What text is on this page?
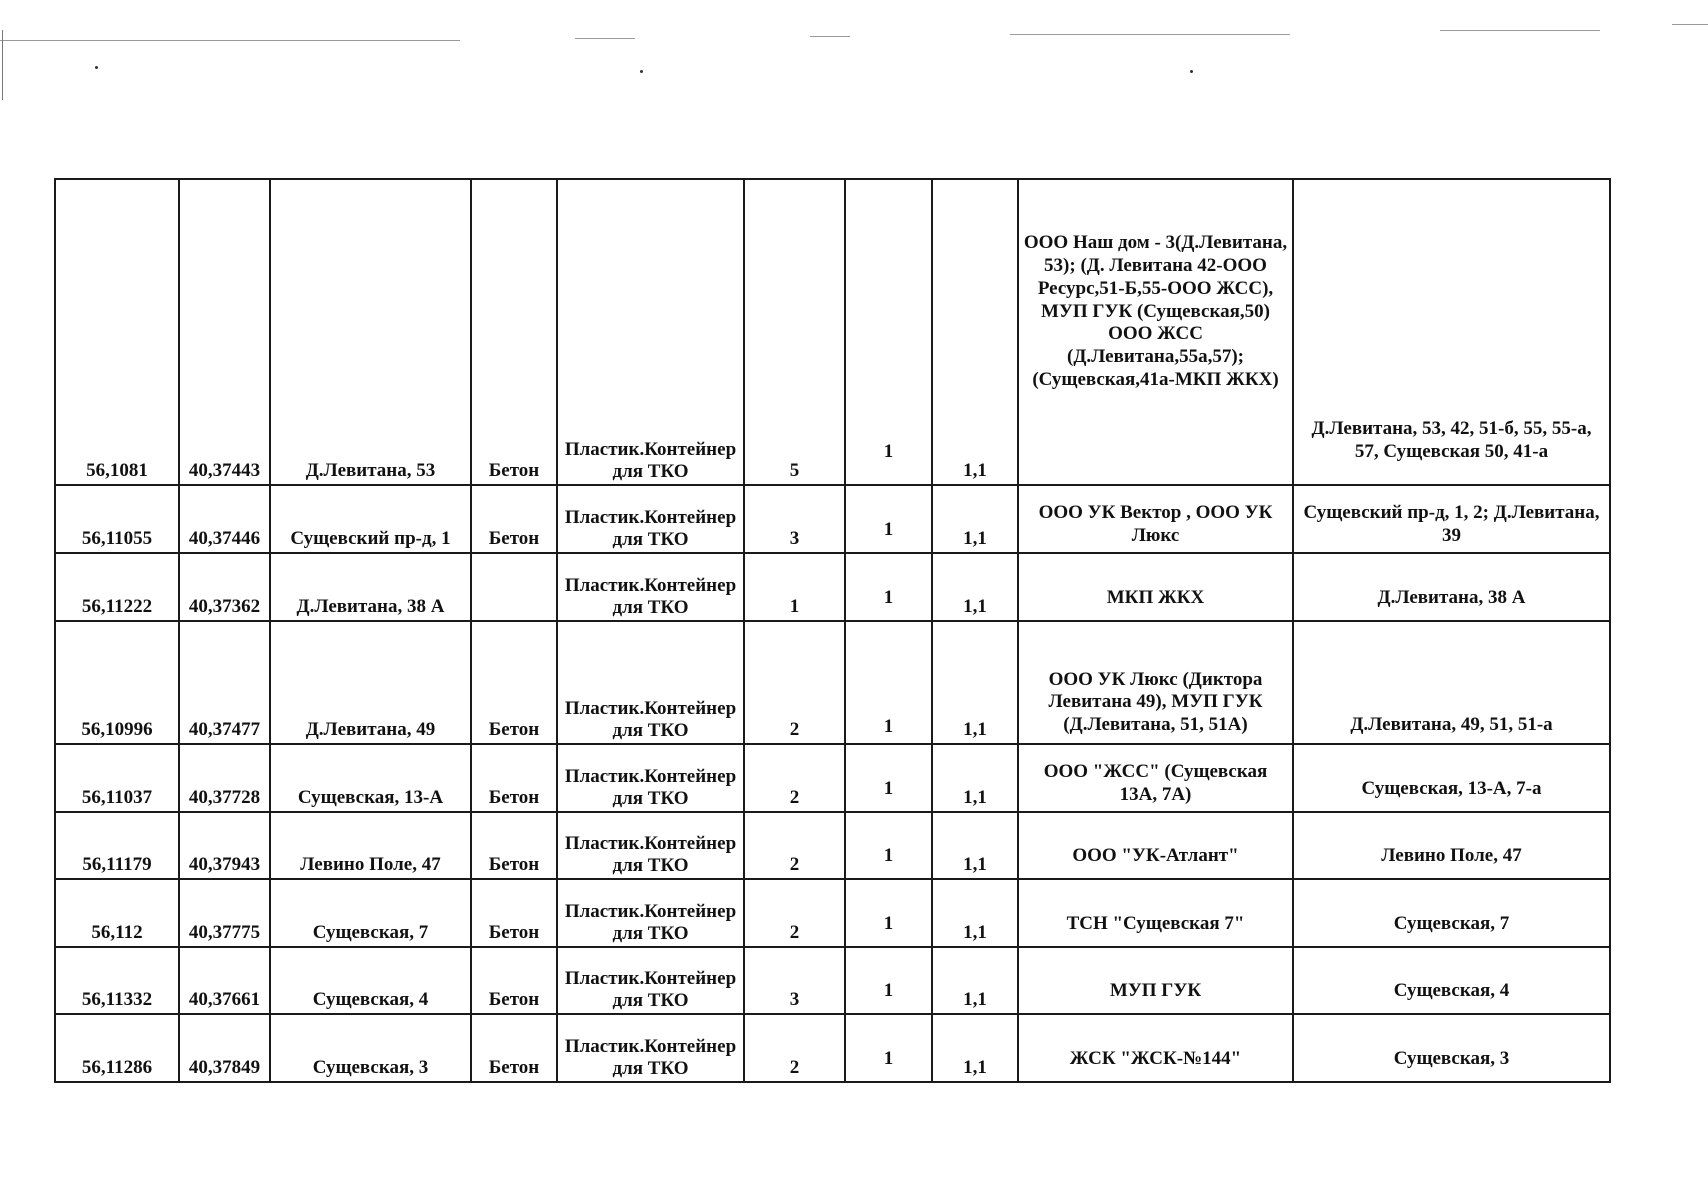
56,1081	40,37443	Д.Левитана, 53	Бетон	Пластик.Контейнер для ТКО	5	1	1,1	ООО Наш дом - 3(Д.Левитана, 53); (Д. Левитана 42-ООО Ресурс,51-Б,55-ООО ЖСС), МУП ГУК (Сущевская,50) ООО ЖСС (Д.Левитана,55а,57);(Сущевская,41а-МКП ЖКХ)	Д.Левитана, 53, 42, 51-б, 55, 55-а, 57, Сущевская 50, 41-а

56,11055	40,37446	Сущевский пр-д, 1	Бетон	Пластик.Контейнер для ТКО	3	1	1,1	ООО УК Вектор , ООО УК Люкс	Сущевский пр-д, 1, 2; Д.Левитана, 39

56,11222	40,37362	Д.Левитана, 38 А		Пластик.Контейнер для ТКО	1	1	1,1	МКП ЖКХ	Д.Левитана, 38 А

56,10996	40,37477	Д.Левитана, 49	Бетон	Пластик.Контейнер для ТКО	2	1	1,1	ООО УК Люкс (Диктора Левитана 49), МУП ГУК (Д.Левитана, 51, 51А)	Д.Левитана, 49, 51, 51-а

56,11037	40,37728	Сущевская, 13-А	Бетон	Пластик.Контейнер для ТКО	2	1	1,1	ООО "ЖСС" (Сущевская 13А, 7А)	Сущевская, 13-А, 7-а

56,11179	40,37943	Левино Поле, 47	Бетон	Пластик.Контейнер для ТКО	2	1	1,1	ООО "УК-Атлант"	Левино Поле, 47

56,112	40,37775	Сущевская, 7	Бетон	Пластик.Контейнер для ТКО	2	1	1,1	ТСН "Сущевская 7"	Сущевская, 7

56,11332	40,37661	Сущевская, 4	Бетон	Пластик.Контейнер для ТКО	3	1	1,1	МУП ГУК	Сущевская, 4

56,11286	40,37849	Сущевская, 3	Бетон	Пластик.Контейнер для ТКО	2	1	1,1	ЖСК "ЖСК-№144"	Сущевская, 3
